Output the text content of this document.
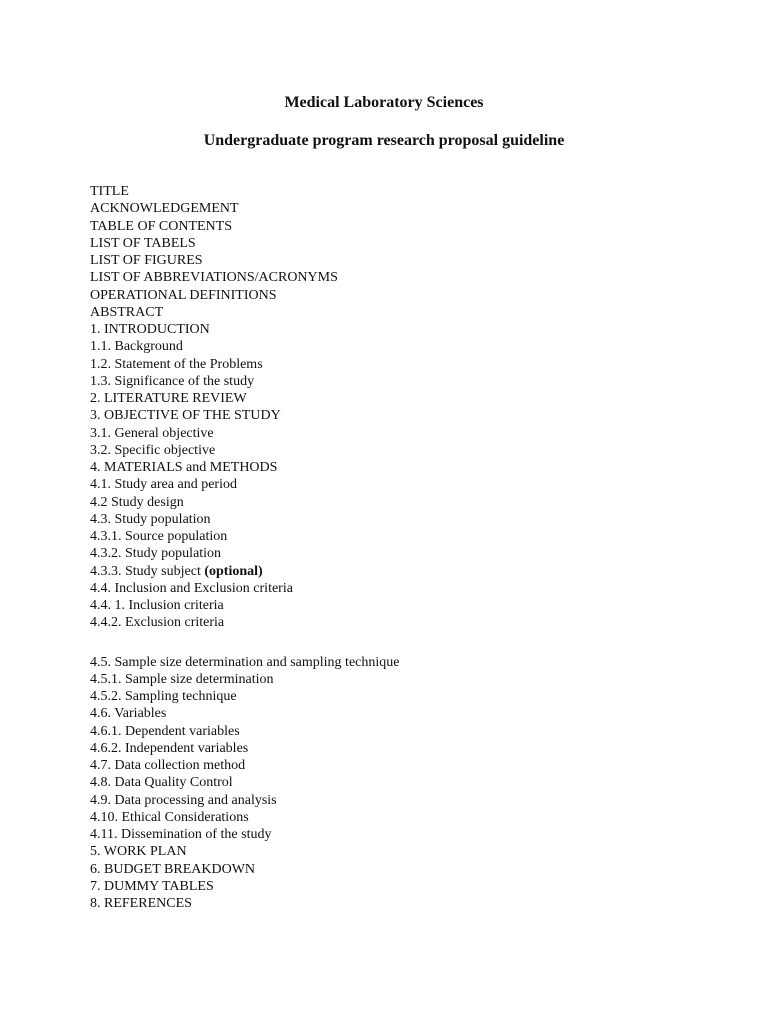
Medical Laboratory Sciences
Undergraduate program research proposal guideline
TITLE
ACKNOWLEDGEMENT
TABLE OF CONTENTS
LIST OF TABELS
LIST OF FIGURES
LIST OF ABBREVIATIONS/ACRONYMS
OPERATIONAL DEFINITIONS
ABSTRACT
1. INTRODUCTION
1.1. Background
1.2. Statement of the Problems
1.3. Significance of the study
2. LITERATURE REVIEW
3. OBJECTIVE OF THE STUDY
3.1. General objective
3.2. Specific objective
4. MATERIALS and METHODS
4.1. Study area and period
4.2 Study design
4.3. Study population
4.3.1. Source population
4.3.2. Study population
4.3.3. Study subject (optional)
4.4. Inclusion and Exclusion criteria
4.4. 1. Inclusion criteria
4.4.2. Exclusion criteria
4.5. Sample size determination and sampling technique
4.5.1. Sample size determination
4.5.2. Sampling technique
4.6. Variables
4.6.1. Dependent variables
4.6.2. Independent variables
4.7. Data collection method
4.8. Data Quality Control
4.9. Data processing and analysis
4.10. Ethical Considerations
4.11. Dissemination of the study
5. WORK PLAN
6. BUDGET BREAKDOWN
7. DUMMY TABLES
8. REFERENCES
